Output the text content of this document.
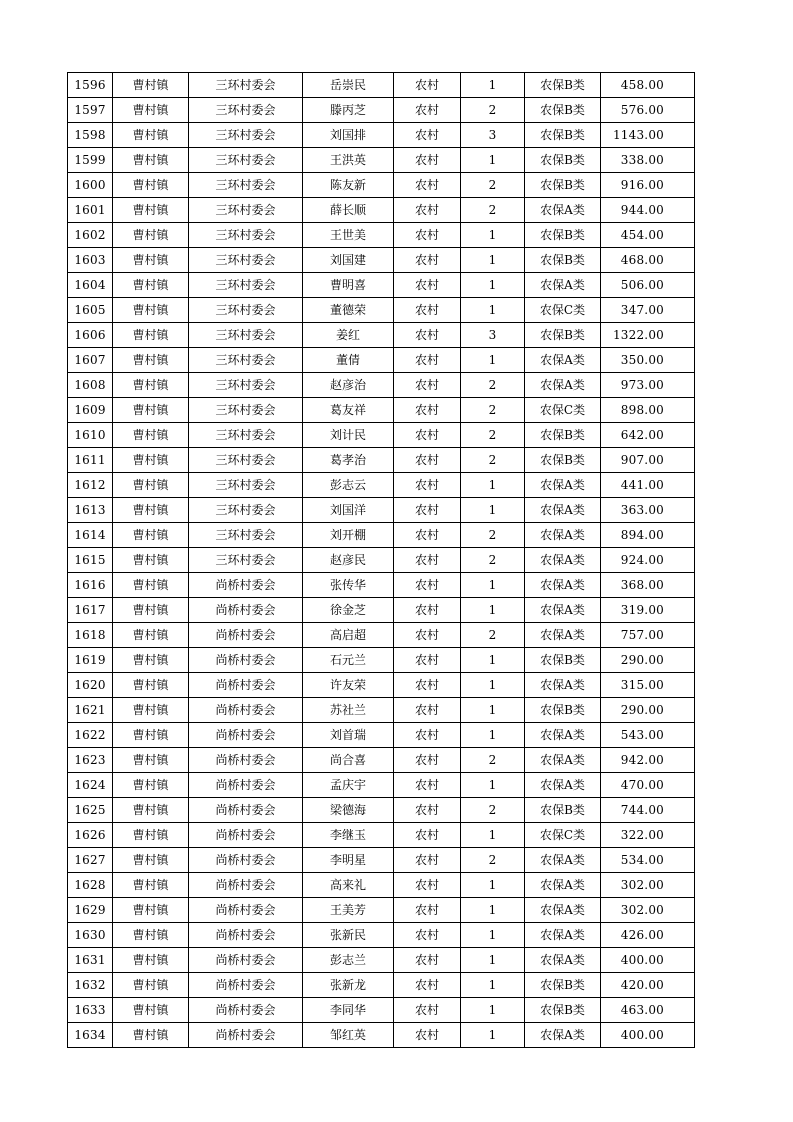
1596	曹村镇	三环村委会	岳崇民	农村	1	农保B类	458.00
1597	曹村镇	三环村委会	滕丙芝	农村	2	农保B类	576.00
1598	曹村镇	三环村委会	刘国排	农村	3	农保B类	1143.00
1599	曹村镇	三环村委会	王洪英	农村	1	农保B类	338.00
1600	曹村镇	三环村委会	陈友新	农村	2	农保B类	916.00
1601	曹村镇	三环村委会	薛长顺	农村	2	农保A类	944.00
1602	曹村镇	三环村委会	王世美	农村	1	农保B类	454.00
1603	曹村镇	三环村委会	刘国建	农村	1	农保B类	468.00
1604	曹村镇	三环村委会	曹明喜	农村	1	农保A类	506.00
1605	曹村镇	三环村委会	董德荣	农村	1	农保C类	347.00
1606	曹村镇	三环村委会	姜红	农村	3	农保B类	1322.00
1607	曹村镇	三环村委会	董倩	农村	1	农保A类	350.00
1608	曹村镇	三环村委会	赵彦治	农村	2	农保A类	973.00
1609	曹村镇	三环村委会	葛友祥	农村	2	农保C类	898.00
1610	曹村镇	三环村委会	刘计民	农村	2	农保B类	642.00
1611	曹村镇	三环村委会	葛孝治	农村	2	农保B类	907.00
1612	曹村镇	三环村委会	彭志云	农村	1	农保A类	441.00
1613	曹村镇	三环村委会	刘国洋	农村	1	农保A类	363.00
1614	曹村镇	三环村委会	刘开棚	农村	2	农保A类	894.00
1615	曹村镇	三环村委会	赵彦民	农村	2	农保A类	924.00
1616	曹村镇	尚桥村委会	张传华	农村	1	农保A类	368.00
1617	曹村镇	尚桥村委会	徐金芝	农村	1	农保A类	319.00
1618	曹村镇	尚桥村委会	高启超	农村	2	农保A类	757.00
1619	曹村镇	尚桥村委会	石元兰	农村	1	农保B类	290.00
1620	曹村镇	尚桥村委会	许友荣	农村	1	农保A类	315.00
1621	曹村镇	尚桥村委会	苏社兰	农村	1	农保B类	290.00
1622	曹村镇	尚桥村委会	刘首瑞	农村	1	农保A类	543.00
1623	曹村镇	尚桥村委会	尚合喜	农村	2	农保A类	942.00
1624	曹村镇	尚桥村委会	孟庆宇	农村	1	农保A类	470.00
1625	曹村镇	尚桥村委会	梁德海	农村	2	农保B类	744.00
1626	曹村镇	尚桥村委会	李继玉	农村	1	农保C类	322.00
1627	曹村镇	尚桥村委会	李明星	农村	2	农保A类	534.00
1628	曹村镇	尚桥村委会	高来礼	农村	1	农保A类	302.00
1629	曹村镇	尚桥村委会	王美芳	农村	1	农保A类	302.00
1630	曹村镇	尚桥村委会	张新民	农村	1	农保A类	426.00
1631	曹村镇	尚桥村委会	彭志兰	农村	1	农保A类	400.00
1632	曹村镇	尚桥村委会	张新龙	农村	1	农保B类	420.00
1633	曹村镇	尚桥村委会	李同华	农村	1	农保B类	463.00
1634	曹村镇	尚桥村委会	邹红英	农村	1	农保A类	400.00
